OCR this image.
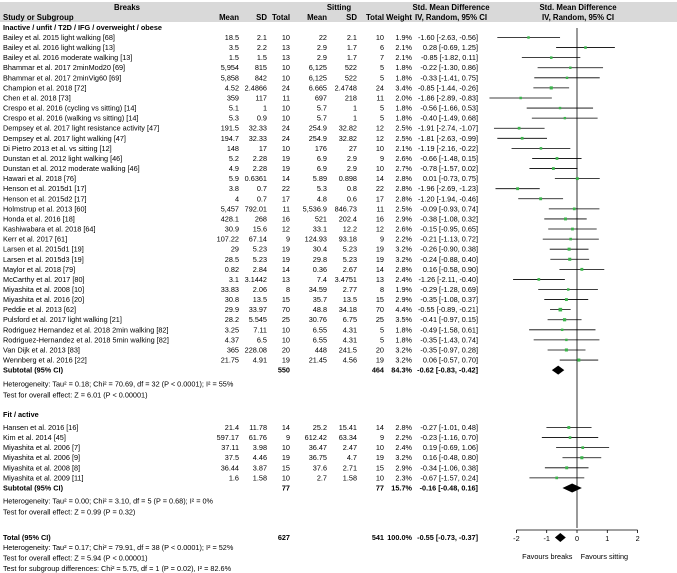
Breaks	Sitting	Std. Mean Difference	Std. Mean Difference
Study or Subgroup	Mean SD Total Mean SD Total Weight IV, Random, 95% CI	IV, Random, 95% CI
Inactive / unfit / T2D / IFG / overweight / obese
Bailey et al. 2015 light walking [68]	18.5 2.1 10	22	2.1	10 1.9% -1.60 [-2.63, -0.56]
Bailey et al. 2016 light walking [13]	3.5 2.2 13	2.9	1.7	6 2.1% 0.28 [-0.69, 1.25]
Bailey et al. 2016 moderate walking [13]	1.5 1.5 13	2.9	1.7	7 2.1% -0.85 [-1.82, 0.11]
Bhammar et al. 2017 2minMod20 [69]	5,954 815 10	6,125 522	5 1.8% -0.22 [-1.30, 0.86]
Bhammar et al. 2017 2minVig60 [69]	5,858 842 10	6,125 522	5 1.8% -0.33 [-1.41, 0.75]
Champion et al. 2018 [72]	4.52 2.4866 24	6.665 2.4748	24 3.4% -0.85 [-1.44, -0.26]
Chen et al. 2018 [73]	359 117 11	697 218	11 2.0% -1.86 [-2.89, -0.83]
Crespo et al. 2016 (cycling vs sitting) [14]	5.1	1 10	5.7	1	5 1.8% -0.56 [-1.66, 0.53]
Crespo et al. 2016 (walking vs sitting) [14]	5.3 0.9 10	5.7	1	5 1.8% -0.40 [-1.49, 0.68]
Dempsey et al. 2017 light resistance activity [47]	191.5 32.33 24	254.9 32.82	12 2.5% -1.91 [-2.74, -1.07]
Dempsey et al. 2017 light walking [47]	194.7 32.33 24	254.9 32.82	12 2.5% -1.81 [-2.63, -0.99]
Di Pietro 2013 et al. vs sitting [12]	148	17 10	176	27	10 2.1% -1.19 [-2.16, -0.22]
Dunstan et al. 2012 light walking [46]	5.2 2.28 19	6.9	2.9	9 2.6% -0.66 [-1.48, 0.15]
Dunstan et al. 2012 moderate walking [46]	4.9 2.28 19	6.9	2.9	10 2.7% -0.78 [-1.57, 0.02]
Hawari et al. 2018 [76]	5.9 0.6361 14	5.89 0.898	14 2.8% 0.01 [-0.73, 0.75]
Henson et al. 2015d1 [17]	3.8 0.7 22	5.3	0.8	22 2.8% -1.96 [-2.69, -1.23]
Henson et al. 2015d2 [17]	4 0.7 17	4.8	0.6	17 2.8% -1.20 [-1.94, -0.46]
Holmstrup et al. 2013 [60]	5,457 792.01 11 5,536.9 846.73	11 2.5% -0.09 [-0.93, 0.74]
Honda et al. 2016 [18]	428.1 268 16	521 202.4	16 2.9% -0.38 [-1.08, 0.32]
Kashiwabara et al. 2018 [64]	30.9 15.6 12	33.1 12.2	12 2.6% -0.15 [-0.95, 0.65]
Kerr et al. 2017 [61]	107.22 67.14	9 124.93 93.18	9 2.2% -0.21 [-1.13, 0.72]
Larsen et al. 2015d1 [19]	29 5.23 19	30.4 5.23	19 3.2% -0.26 [-0.90, 0.38]
Larsen et al. 2015d3 [19]	28.5 5.23 19	29.8 5.23	19 3.2% -0.24 [-0.88, 0.40]
Maylor et al. 2018 [79]	0.82 2.84 14	0.36 2.67	14 2.8% 0.16 [-0.58, 0.90]
McCarthy et al. 2017 [80]	3.1 3.1442 13	7.4 3.4751	13 2.4% -1.26 [-2.11, -0.40]
Miyashita et al. 2008 [10]	33.83 2.06	8	34.59 2.77	8 1.9% -0.29 [-1.28, 0.69]
Miyashita et al. 2016 [20]	30.8 13.5 15	35.7 13.5	15 2.9% -0.35 [-1.08, 0.37]
Peddie et al. 2013 [62]	29.9 33.97 70	48.8 34.18	70 4.4% -0.55 [-0.89, -0.21]
Pulsford et al. 2017 light walking [21]	28.2 5.545 25	30.76 6.75	25 3.5% -0.41 [-0.97, 0.15]
Rodriguez Hernandez et al. 2018 2min walking [82]	3.25 7.11 10	6.55 4.31	5 1.8% -0.49 [-1.58, 0.61]
Rodriguez-Hernandez et al. 2018 5min walking [82]	4.37 6.5 10	6.55 4.31	5 1.8% -0.35 [-1.43, 0.74]
Van Dijk et al. 2013 [83]	365 228.08 20	448 241.5	20 3.2% -0.35 [-0.97, 0.28]
Wennberg et al. 2016 [22]	21.75 4.91 19	21.45 4.56	19 3.2% 0.06 [-0.57, 0.70]
Subtotal (95% CI)	550	464 84.3% -0.62 [-0.83, -0.42]
Heterogeneity: Tau² = 0.18; Chi² = 70.69, df = 32 (P < 0.0001); I² = 55%
Test for overall effect: Z = 6.01 (P < 0.00001)
Fit / active
Hansen et al. 2016 [16]	21.4 11.78 14	25.2 15.41	14 2.8% -0.27 [-1.01, 0.48]
Kim et al. 2014 [45]	597.17 61.76	9 612.42 63.34	9 2.2% -0.23 [-1.16, 0.70]
Miyashita et al. 2006 [7]	37.11 3.98 10	36.47 2.47	10 2.4% 0.19 [-0.69, 1.06]
Miyashita et al. 2006 [9]	37.5 4.46 19	36.75	4.7	19 3.2% 0.16 [-0.48, 0.80]
Miyashita et al. 2008 [8]	36.44 3.87 15	37.6 2.71	15 2.9% -0.34 [-1.06, 0.38]
Miyashita et al. 2009 [11]	1.6 1.58 10	2.7 1.58	10 2.3% -0.67 [-1.57, 0.24]
Subtotal (95% CI)	77	77 15.7% -0.16 [-0.48, 0.16]
Heterogeneity: Tau² = 0.00; Chi² = 3.10, df = 5 (P = 0.68); I² = 0%
Test for overall effect: Z = 0.99 (P = 0.32)
Total (95% CI)	627	541 100.0% -0.55 [-0.73, -0.37]
Heterogeneity: Tau² = 0.17; Chi² = 79.91, df = 38 (P < 0.0001); I² = 52%
Test for overall effect: Z = 5.94 (P < 0.00001)
Test for subgroup differences: Chi² = 5.75, df = 1 (P = 0.02), I² = 82.6%
-2	-1	0	1	2
Favours breaks Favours sitting
